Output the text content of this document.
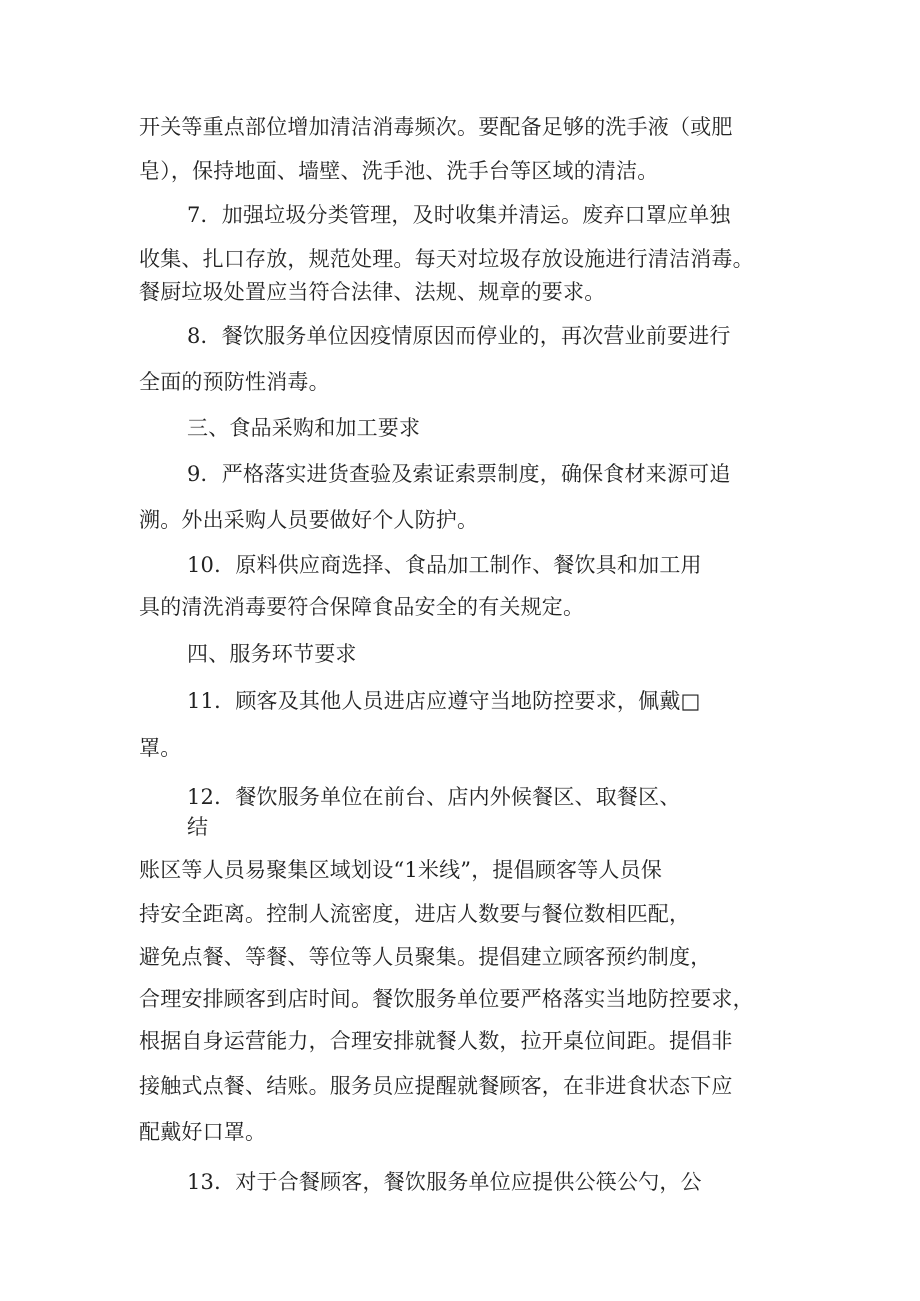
开关等重点部位增加清洁消毒频次。要配备足够的洗手液（或肥
皂），保持地面、墙壁、洗手池、洗手台等区域的清洁。
7．加强垃圾分类管理，及时收集并清运。废弃口罩应单独
收集、扎口存放，规范处理。每天对垃圾存放设施进行清洁消毒。
餐厨垃圾处置应当符合法律、法规、规章的要求。
8．餐饮服务单位因疫情原因而停业的，再次营业前要进行
全面的预防性消毒。
三、食品采购和加工要求
9．严格落实进货查验及索证索票制度，确保食材来源可追
溯。外出采购人员要做好个人防护。
10．原料供应商选择、食品加工制作、餐饮具和加工用
具的清洗消毒要符合保障食品安全的有关规定。
四、服务环节要求
11．顾客及其他人员进店应遵守当地防控要求，佩戴□
罩。
12．餐饮服务单位在前台、店内外候餐区、取餐区、
结
账区等人员易聚集区域划设“1米线”，提倡顾客等人员保
持安全距离。控制人流密度，进店人数要与餐位数相匹配，
避免点餐、等餐、等位等人员聚集。提倡建立顾客预约制度，
合理安排顾客到店时间。餐饮服务单位要严格落实当地防控要求，
根据自身运营能力，合理安排就餐人数，拉开桌位间距。提倡非
接触式点餐、结账。服务员应提醒就餐顾客，在非进食状态下应
配戴好口罩。
13．对于合餐顾客，餐饮服务单位应提供公筷公勺，公
